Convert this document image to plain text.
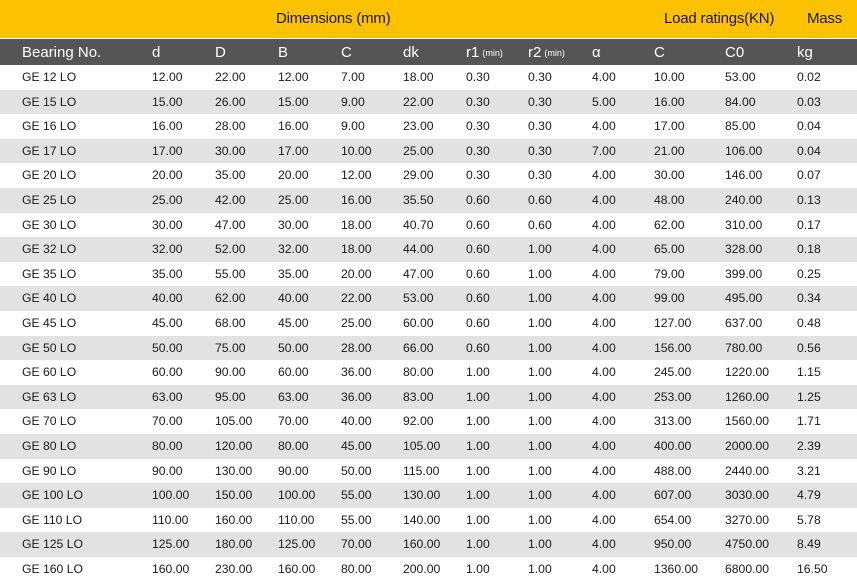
Dimensions (mm)	Load ratings(KN) Mass
Bearing No.	d	D	B	C	dk	r1 (min) r2 (min) α	C	C0	kg
GE 12 LO	12.00	22.00	12.00	7.00	18.00	0.30	0.30	4.00	10.00	53.00	0.02
GE 15 LO	15.00	26.00	15.00	9.00	22.00	0.30	0.30	5.00	16.00	84.00	0.03
GE 16 LO	16.00	28.00	16.00	9.00	23.00	0.30	0.30	4.00	17.00	85.00	0.04
GE 17 LO	17.00	30.00	17.00	10.00	25.00	0.30	0.30	7.00	21.00	106.00	0.04
GE 20 LO	20.00	35.00	20.00	12.00	29.00	0.30	0.30	4.00	30.00	146.00	0.07
GE 25 LO	25.00	42.00	25.00	16.00	35.50	0.60	0.60	4.00	48.00	240.00	0.13
GE 30 LO	30.00	47.00	30.00	18.00	40.70	0.60	0.60	4.00	62.00	310.00	0.17
GE 32 LO	32.00	52.00	32.00	18.00	44.00	0.60	1.00	4.00	65.00	328.00	0.18
GE 35 LO	35.00	55.00	35.00	20.00	47.00	0.60	1.00	4.00	79.00	399.00	0.25
GE 40 LO	40.00	62.00	40.00	22.00	53.00	0.60	1.00	4.00	99.00	495.00	0.34
GE 45 LO	45.00	68.00	45.00	25.00	60.00	0.60	1.00	4.00	127.00	637.00	0.48
GE 50 LO	50.00	75.00	50.00	28.00	66.00	0.60	1.00	4.00	156.00	780.00	0.56
GE 60 LO	60.00	90.00	60.00	36.00	80.00	1.00	1.00	4.00	245.00	1220.00 1.15
GE 63 LO	63.00	95.00	63.00	36.00	83.00	1.00	1.00	4.00	253.00	1260.00 1.25
GE 70 LO	70.00	105.00 70.00	40.00	92.00	1.00	1.00	4.00	313.00	1560.00 1.71
GE 80 LO	80.00	120.00 80.00	45.00	105.00 1.00	1.00	4.00	400.00	2000.00 2.39
GE 90 LO	90.00	130.00 90.00	50.00	115.00 1.00	1.00	4.00	488.00	2440.00 3.21
GE 100 LO	100.00 150.00 100.00 55.00	130.00 1.00	1.00	4.00	607.00	3030.00 4.79
GE 110 LO	110.00 160.00 110.00 55.00	140.00 1.00	1.00	4.00	654.00	3270.00 5.78
GE 125 LO	125.00 180.00 125.00 70.00	160.00 1.00	1.00	4.00	950.00	4750.00 8.49
GE 160 LO	160.00 230.00 160.00 80.00	200.00 1.00	1.00	4.00	1360.00 6800.00 16.50
